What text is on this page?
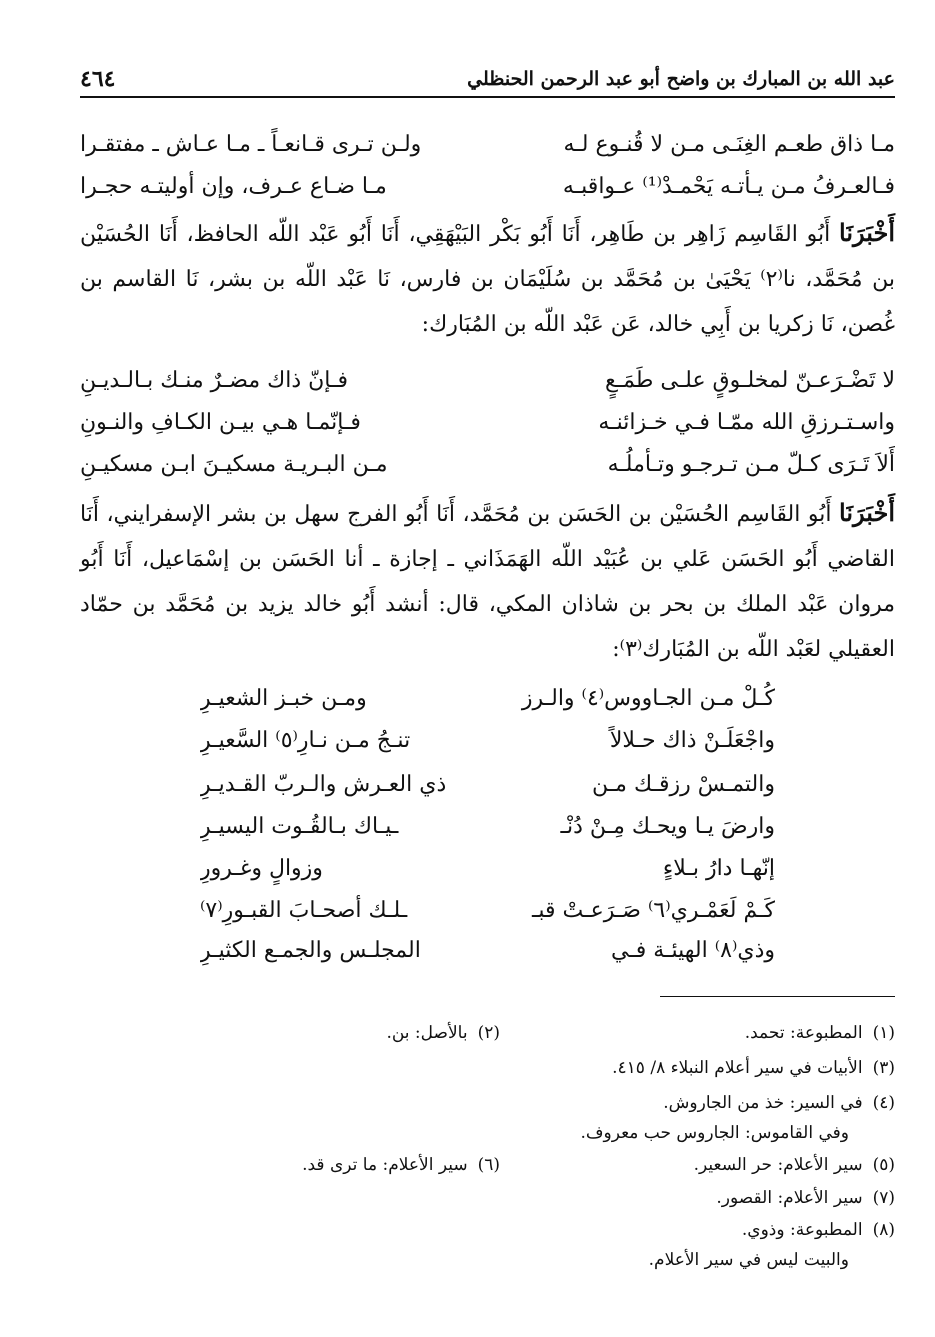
عبد الله بن المبارك بن واضح أبو عبد الرحمن الحنظلي
٤٦٤
مـا ذاق طعـم الغِنَـى مـن لا قُنـوع لـه
ولـن تـرى قـانعـاً ـ مـا عـاش ـ مفتقـرا
فـالعـرفُ مـن يـأتـه يَحْمـدْ⁽¹⁾ عـواقبـه
مـا ضـاع عـرف، وإن أوليتـه حجـرا
أَخْبَرَنَا أَبُو القَاسِم زَاهِر بن طَاهِر، أَنَا أَبُو بَكْر البَيْهَقِي، أَنَا أَبُو عَبْد اللّه الحافظ، أَنَا الحُسَيْن بن مُحَمَّد، نا⁽٢⁾ يَحْيَىٰ بن مُحَمَّد بن سُلَيْمَان بن فارس، نَا عَبْد اللّه بن بشر، نَا القاسم بن غُصن، نَا زكريا بن أَبِي خالد، عَن عَبْد اللّه بن المُبَارك:
لا تَضْـرَعـنّ لمخلـوقٍ علـى طَمَـعٍ
فـإنّ ذاك مضـرٌ منـك بـالـديـنِ
واسـتـرزقِ الله ممّـا فـي خـزائنـه
فـإنّمـا هـي بيـن الكـافِ والنـونِ
أَلاَ تَـرَى كـلّ مـن تـرجـو وتـأملُـه
مـن البـريـة مسكيـنَ ابـن مسكيـنِ
أَخْبَرَنَا أَبُو القَاسِم الحُسَيْن بن الحَسَن بن مُحَمَّد، أَنَا أَبُو الفرج سهل بن بشر الإسفرايني، أَنَا القاضي أَبُو الحَسَن عَلي بن عُبَيْد اللّه الهَمَذَاني ـ إجازة ـ أنا الحَسَن بن إسْمَاعيل، أَنَا أَبُو مروان عَبْد الملك بن بحر بن شاذان المكي، قال: أنشد أَبُو خالد يزيد بن مُحَمَّد بن حمّاد العقيلي لعَبْد اللّه بن المُبَارك⁽٣⁾:
كُـلْ مـن الجـاووس⁽٤⁾ والـرز
ومـن خبـز الشعيـرِ
واجْعَلَـنْ ذاك حـلالاً
تنـجُ مـن نـارِ⁽٥⁾ السَّعيـرِ
والتمـسْ رزقـك مـن
ذي العـرش والـربّ القـديـرِ
وارضَ يـا ويحـك مِـنْ دُنْـ
ـيـاك بـالقُـوت اليسيـرِ
إنّهـا دارُ بـلاءٍ
وزوالٍ وغـرورِ
كَـمْ لَعَمْـري⁽٦⁾ صَـرَعـتْ قبـ
ـلـك أصحـابَ القبـورِ⁽٧⁾
وذي⁽٨⁾ الهيئـة فـي
المجلـس والجمـع الكثيـرِ
(١)المطبوعة: تحمد.
(٢)بالأصل: بن.
(٣)الأبيات في سير أعلام النبلاء ٨/ ٤١٥.
(٤)في السير: خذ من الجاروش.
وفي القاموس: الجاروس حب معروف.
(٥)سير الأعلام: حر السعير.
(٦)سير الأعلام: ما ترى قد.
(٧)سير الأعلام: القصور.
(٨)المطبوعة: وذوي.
والبيت ليس في سير الأعلام.
